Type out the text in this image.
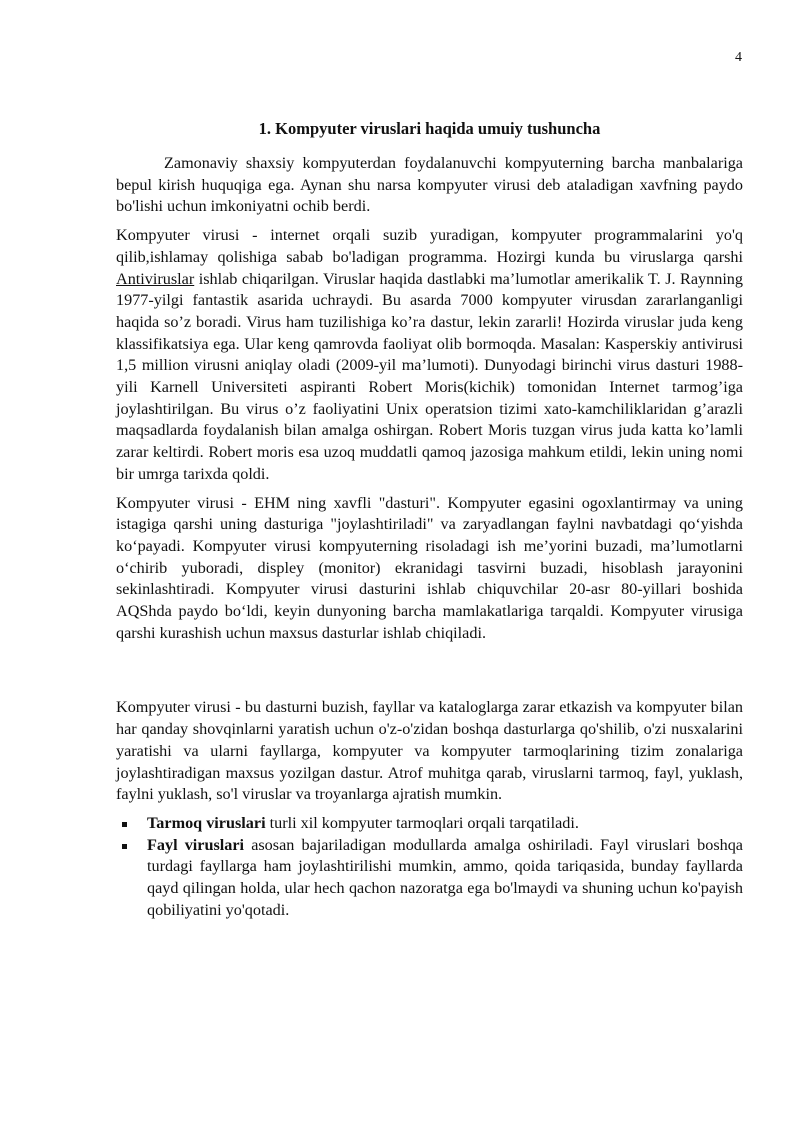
4
1. Kompyuter viruslari haqida umuiy tushuncha

Zamonaviy shaxsiy kompyuterdan foydalanuvchi kompyuterning barcha manbalariga bepul kirish huquqiga ega. Aynan shu narsa kompyuter virusi deb ataladigan xavfning paydo bo'lishi uchun imkoniyatni ochib berdi.

Kompyuter virusi - internet orqali suzib yuradigan, kompyuter programmalarini yo'q qilib,ishlamay qolishiga sabab bo'ladigan programma. Hozirgi kunda bu viruslarga qarshi Antiviruslar ishlab chiqarilgan. Viruslar haqida dastlabki ma’lumotlar amerikalik T. J. Raynning 1977-yilgi fantastik asarida uchraydi. Bu asarda 7000 kompyuter virusdan zararlanganligi haqida so’z boradi. Virus ham tuzilishiga ko’ra dastur, lekin zararli! Hozirda viruslar juda keng klassifikatsiya ega. Ular keng qamrovda faoliyat olib bormoqda. Masalan: Kasperskiy antivirusi 1,5 million virusni aniqlay oladi (2009-yil ma’lumoti). Dunyodagi birinchi virus dasturi 1988-yili Karnell Universiteti aspiranti Robert Moris(kichik) tomonidan Internet tarmog’iga joylashtirilgan. Bu virus o’z faoliyatini Unix operatsion tizimi xato-kamchiliklaridan g’arazli maqsadlarda foydalanish bilan amalga oshirgan. Robert Moris tuzgan virus juda katta ko’lamli zarar keltirdi. Robert moris esa uzoq muddatli qamoq jazosiga mahkum etildi, lekin uning nomi bir umrga tarixda qoldi.

Kompyuter virusi - EHM ning xavfli "dasturi". Kompyuter egasini ogoxlantirmay va uning istagiga qarshi uning dasturiga "joylashtiriladi" va zaryadlangan faylni navbatdagi qo‘yishda ko‘payadi. Kompyuter virusi kompyuterning risoladagi ish me’yorini buzadi, ma’lumotlarni o‘chirib yuboradi, displey (monitor) ekranidagi tasvirni buzadi, hisoblash jarayonini sekinlashtiradi. Kompyuter virusi dasturini ishlab chiquvchilar 20-asr 80-yillari boshida AQShda paydo bo‘ldi, keyin dunyoning barcha mamlakatlariga tarqaldi. Kompyuter virusiga qarshi kurashish uchun maxsus dasturlar ishlab chiqiladi.

Kompyuter virusi - bu dasturni buzish, fayllar va kataloglarga zarar etkazish va kompyuter bilan har qanday shovqinlarni yaratish uchun o'z-o'zidan boshqa dasturlarga qo'shilib, o'zi nusxalarini yaratishi va ularni fayllarga, kompyuter va kompyuter tarmoqlarining tizim zonalariga joylashtiradigan maxsus yozilgan dastur. Atrof muhitga qarab, viruslarni tarmoq, fayl, yuklash, faylni yuklash, so'l viruslar va troyanlarga ajratish mumkin.

Tarmoq viruslari turli xil kompyuter tarmoqlari orqali tarqatiladi.
Fayl viruslari asosan bajariladigan modullarda amalga oshiriladi. Fayl viruslari boshqa turdagi fayllarga ham joylashtirilishi mumkin, ammo, qoida tariqasida, bunday fayllarda qayd qilingan holda, ular hech qachon nazoratga ega bo'lmaydi va shuning uchun ko'payish qobiliyatini yo'qotadi.
